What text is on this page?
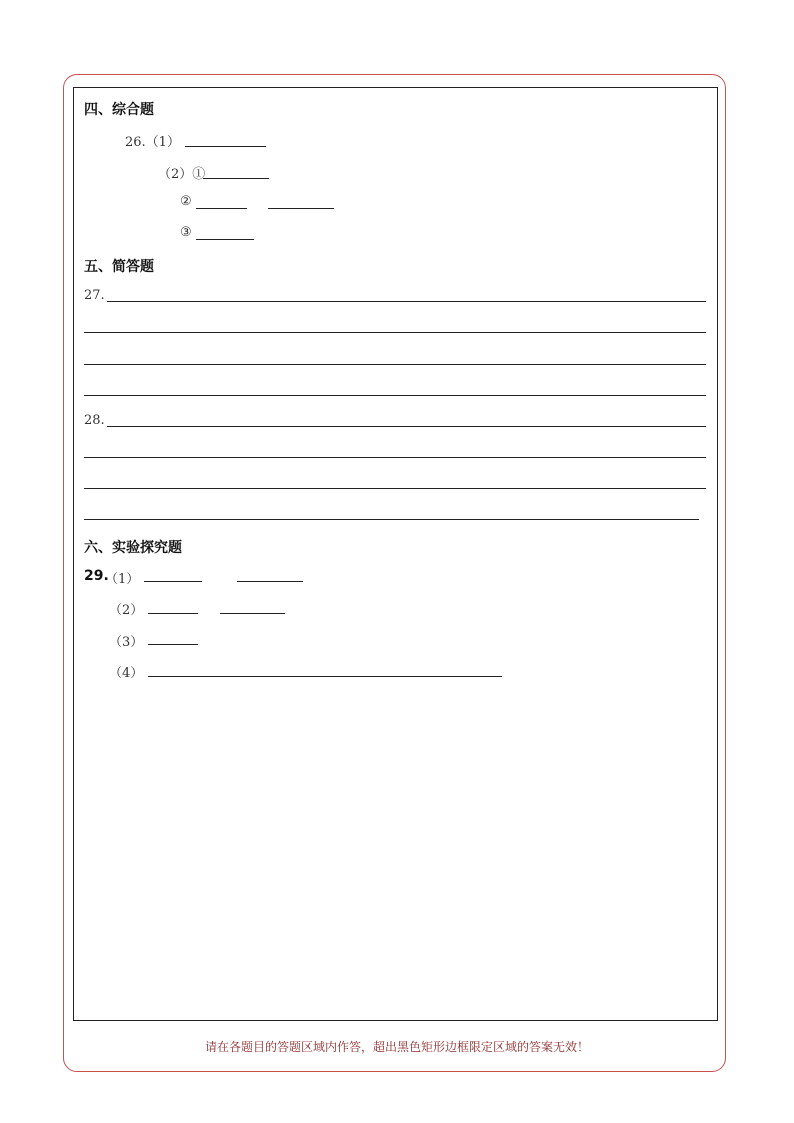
四、综合题
26.（1）
（2）①
②
③
五、简答题
27.
28.
六、实验探究题
29.
（1）
（2）
（3）
（4）
请在各题目的答题区域内作答，超出黑色矩形边框限定区域的答案无效！
